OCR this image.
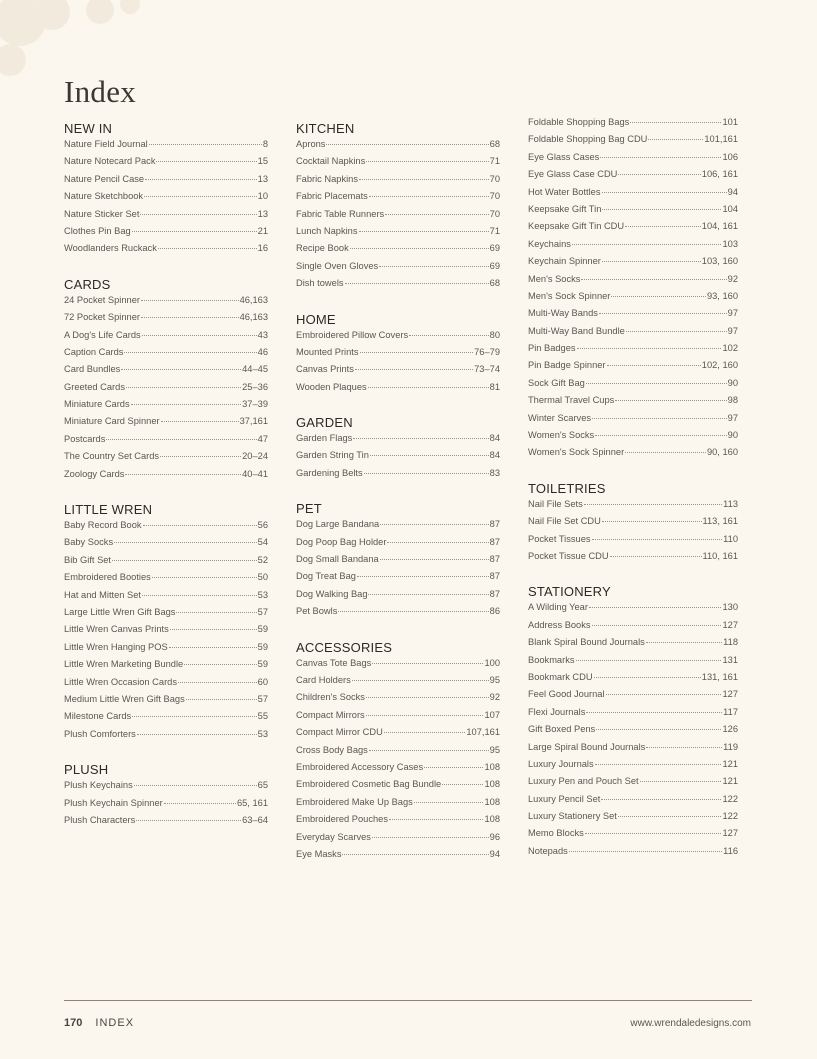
Index
NEW IN
Nature Field Journal	8
Nature Notecard Pack	15
Nature Pencil Case	13
Nature Sketchbook	10
Nature Sticker Set	13
Clothes Pin Bag	21
Woodlanders Ruckack	16
CARDS
24 Pocket Spinner	46,163
72 Pocket Spinner	46,163
A Dog's Life Cards	43
Caption Cards	46
Card Bundles	44–45
Greeted Cards	25–36
Miniature Cards	37–39
Miniature Card Spinner	37,161
Postcards	47
The Country Set Cards	20–24
Zoology Cards	40–41
LITTLE WREN
Baby Record Book	56
Baby Socks	54
Bib Gift Set	52
Embroidered Booties	50
Hat and Mitten Set	53
Large Little Wren Gift Bags	57
Little Wren Canvas Prints	59
Little Wren Hanging POS	59
Little Wren Marketing Bundle	59
Little Wren Occasion Cards	60
Medium Little Wren Gift Bags	57
Milestone Cards	55
Plush Comforters	53
PLUSH
Plush Keychains	65
Plush Keychain Spinner	65, 161
Plush Characters	63–64
KITCHEN
Aprons	68
Cocktail Napkins	71
Fabric Napkins	70
Fabric Placemats	70
Fabric Table Runners	70
Lunch Napkins	71
Recipe Book	69
Single Oven Gloves	69
Dish towels	68
HOME
Embroidered Pillow Covers	80
Mounted Prints	76–79
Canvas Prints	73–74
Wooden Plaques	81
GARDEN
Garden Flags	84
Garden String Tin	84
Gardening Belts	83
PET
Dog Large Bandana	87
Dog Poop Bag Holder	87
Dog Small Bandana	87
Dog Treat Bag	87
Dog Walking Bag	87
Pet Bowls	86
ACCESSORIES
Canvas Tote Bags	100
Card Holders	95
Children's Socks	92
Compact Mirrors	107
Compact Mirror CDU	107,161
Cross Body Bags	95
Embroidered Accessory Cases	108
Embroidered Cosmetic Bag Bundle	108
Embroidered Make Up Bags	108
Embroidered Pouches	108
Everyday Scarves	96
Eye Masks	94
Foldable Shopping Bags	101
Foldable Shopping Bag CDU	101,161
Eye Glass Cases	106
Eye Glass Case CDU	106, 161
Hot Water Bottles	94
Keepsake Gift Tin	104
Keepsake Gift Tin CDU	104, 161
Keychains	103
Keychain Spinner	103, 160
Men's Socks	92
Men's Sock Spinner	93, 160
Multi-Way Bands	97
Multi-Way Band Bundle	97
Pin Badges	102
Pin Badge Spinner	102, 160
Sock Gift Bag	90
Thermal Travel Cups	98
Winter Scarves	97
Women's Socks	90
Women's Sock Spinner	90, 160
TOILETRIES
Nail File Sets	113
Nail File Set CDU	113, 161
Pocket Tissues	110
Pocket Tissue CDU	110, 161
STATIONERY
A Wilding Year	130
Address Books	127
Blank Spiral Bound Journals	118
Bookmarks	131
Bookmark CDU	131, 161
Feel Good Journal	127
Flexi Journals	117
Gift Boxed Pens	126
Large Spiral Bound Journals	119
Luxury Journals	121
Luxury Pen and Pouch Set	121
Luxury Pencil Set	122
Luxury Stationery Set	122
Memo Blocks	127
Notepads	116
170 INDEX	www.wrendaledesigns.com
